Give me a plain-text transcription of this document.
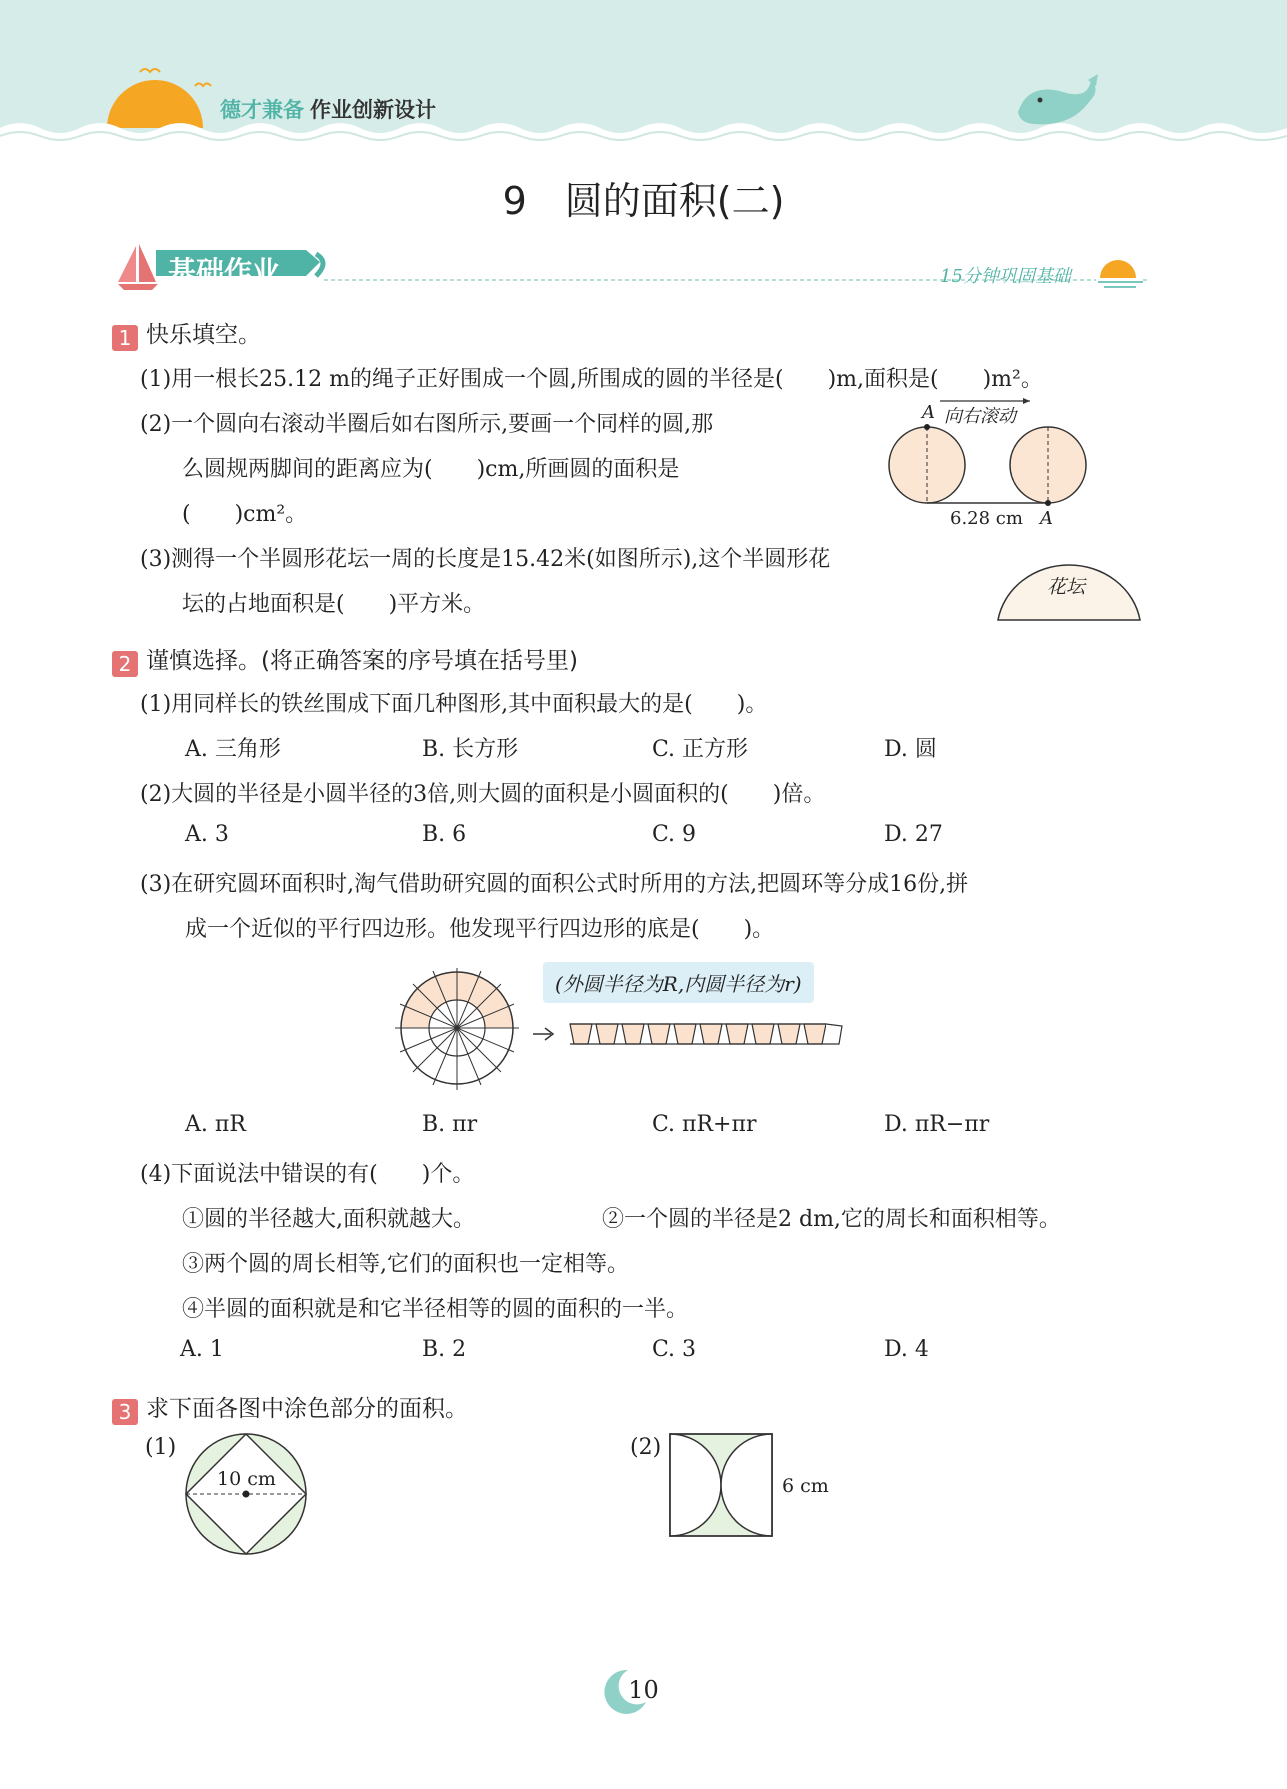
德才兼备 作业创新设计
9　圆的面积(二)
基础作业	15分钟巩固基础
1 快乐填空。
(1)用一根长25.12 m的绳子正好围成一个圆,所围成的圆的半径是(　　)m,面积是(　　)m²。
(2)一个圆向右滚动半圈后如右图所示,要画一个同样的圆,那
么圆规两脚间的距离应为(　　)cm,所画圆的面积是
(　　)cm²。
A 向右滚动
6.28 cm A
(3)测得一个半圆形花坛一周的长度是15.42米(如图所示),这个半圆形花
坛的占地面积是(　　)平方米。
花坛
2 谨慎选择。(将正确答案的序号填在括号里)
(1)用同样长的铁丝围成下面几种图形,其中面积最大的是(　　)。
A. 三角形	B. 长方形	C. 正方形	D. 圆
(2)大圆的半径是小圆半径的3倍,则大圆的面积是小圆面积的(　　)倍。
A. 3	B. 6	C. 9	D. 27
(3)在研究圆环面积时,淘气借助研究圆的面积公式时所用的方法,把圆环等分成16份,拼
成一个近似的平行四边形。他发现平行四边形的底是(　　)。
(外圆半径为R,内圆半径为r)
A. πR	B. πr	C. πR+πr	D. πR−πr
(4)下面说法中错误的有(　　)个。
①圆的半径越大,面积就越大。	②一个圆的半径是2 dm,它的周长和面积相等。
③两个圆的周长相等,它们的面积也一定相等。
④半圆的面积就是和它半径相等的圆的面积的一半。
A. 1	B. 2	C. 3	D. 4
3 求下面各图中涂色部分的面积。
(1)
10 cm
(2)
6 cm
10
